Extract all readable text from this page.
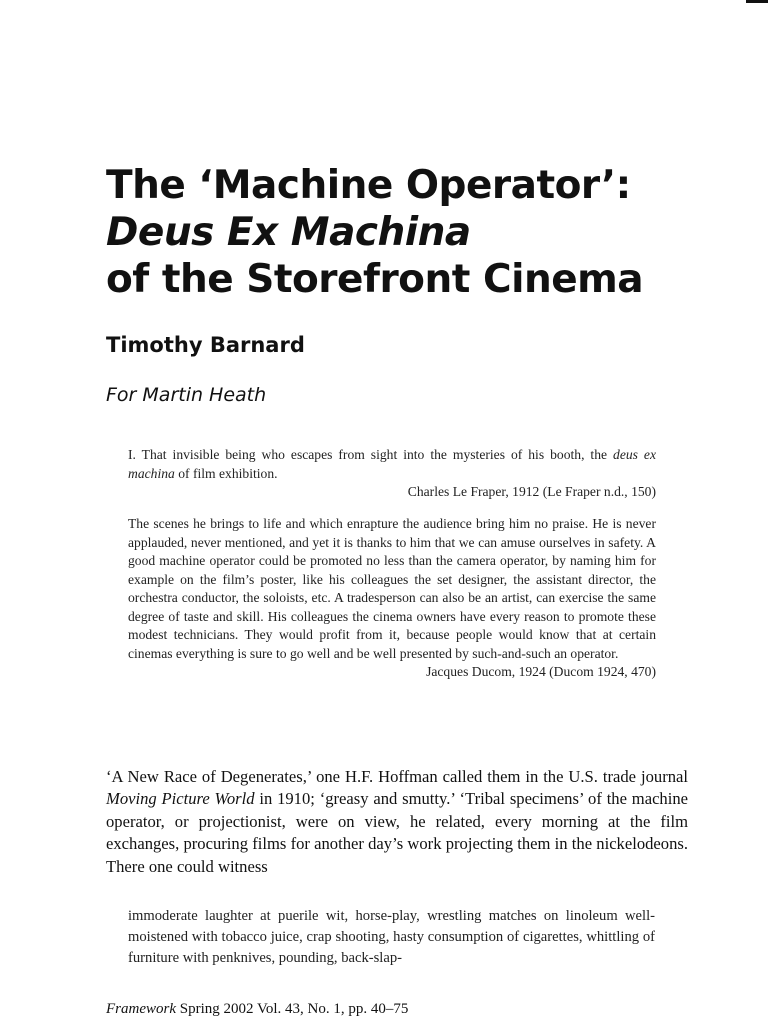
The ‘Machine Operator’:
Deus Ex Machina
of the Storefront Cinema
Timothy Barnard
For Martin Heath
I. That invisible being who escapes from sight into the mysteries of his booth, the deus ex machina of film exhibition.
Charles Le Fraper, 1912 (Le Fraper n.d., 150)
The scenes he brings to life and which enrapture the audience bring him no praise. He is never applauded, never mentioned, and yet it is thanks to him that we can amuse ourselves in safety. A good machine operator could be promoted no less than the camera operator, by naming him for example on the film’s poster, like his colleagues the set designer, the assistant director, the orchestra conductor, the soloists, etc. A tradesperson can also be an artist, can exercise the same degree of taste and skill. His colleagues the cinema owners have every reason to promote these modest technicians. They would profit from it, because people would know that at certain cinemas everything is sure to go well and be well presented by such-and-such an operator.
Jacques Ducom, 1924 (Ducom 1924, 470)

‘A New Race of Degenerates,’ one H.F. Hoffman called them in the U.S. trade journal Moving Picture World in 1910; ‘greasy and smutty.’ ‘Tribal specimens’ of the machine operator, or projectionist, were on view, he related, every morning at the film exchanges, procuring films for another day’s work projecting them in the nickelodeons. There one could witness

immoderate laughter at puerile wit, horse-play, wrestling matches on linoleum well-moistened with tobacco juice, crap shooting, hasty consumption of cigarettes, whittling of furniture with penknives, pounding, back-slap-
Framework Spring 2002 Vol. 43, No. 1, pp. 40–75
